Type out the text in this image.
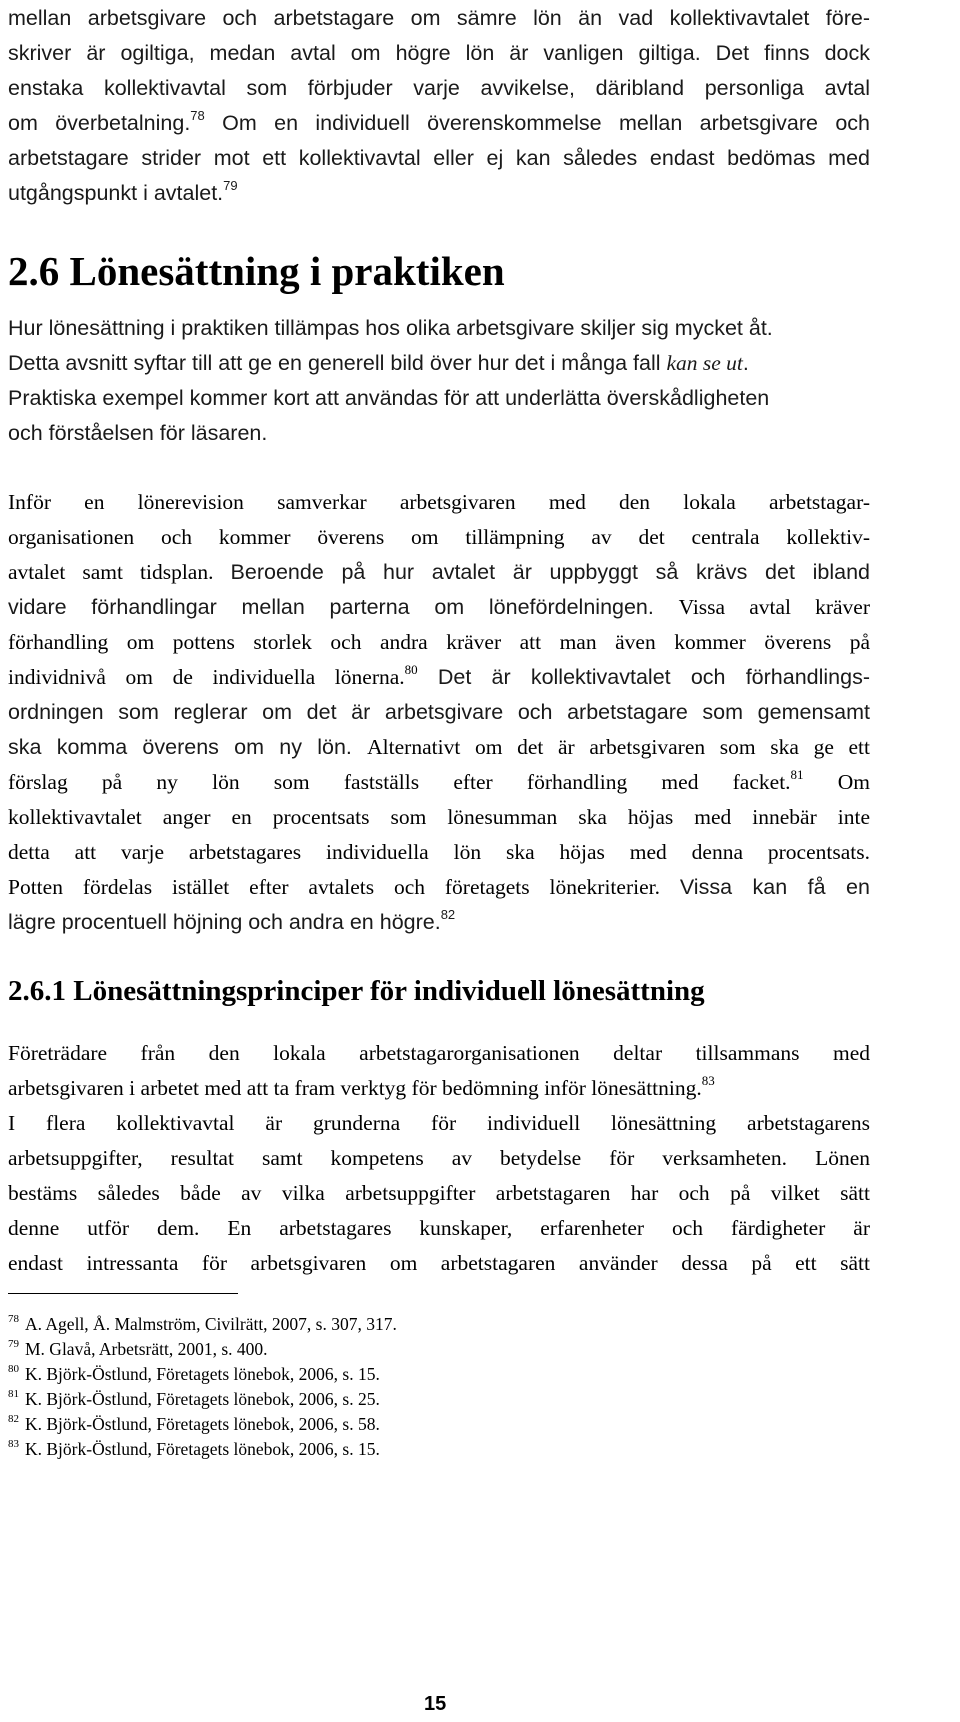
mellan arbetsgivare och arbetstagare om sämre lön än vad kollektivavtalet före-
skriver är ogiltiga, medan avtal om högre lön är vanligen giltiga. Det finns dock
enstaka kollektivavtal som förbjuder varje avvikelse, däribland personliga avtal
om överbetalning.$^{78}$ Om en individuell överenskommelse mellan arbetsgivare och
arbetstagare strider mot ett kollektivavtal eller ej kan således endast bedömas med
utgångspunkt i avtalet.$^{79}$
2.6 Lönesättning i praktiken
Hur lönesättning i praktiken tillämpas hos olika arbetsgivare skiljer sig mycket åt.
Detta avsnitt syftar till att ge en generell bild över hur det i många fall kan se ut.
Praktiska exempel kommer kort att användas för att underlätta överskådligheten
och förståelsen för läsaren.
Inför en lönerevision samverkar arbetsgivaren med den lokala arbetstagar-
organisationen och kommer överens om tillämpning av det centrala kollektiv-
avtalet samt tidsplan. Beroende på hur avtalet är uppbyggt så krävs det ibland
vidare förhandlingar mellan parterna om lönefördelningen. Vissa avtal kräver
förhandling om pottens storlek och andra kräver att man även kommer överens på
individnivå om de individuella lönerna.$^{80}$ Det är kollektivavtalet och förhandlings-
ordningen som reglerar om det är arbetsgivare och arbetstagare som gemensamt
ska komma överens om ny lön. Alternativt om det är arbetsgivaren som ska ge ett
förslag på ny lön som fastställs efter förhandling med facket.$^{81}$ Om
kollektivavtalet anger en procentsats som lönesumman ska höjas med innebär inte
detta att varje arbetstagares individuella lön ska höjas med denna procentsats.
Potten fördelas istället efter avtalets och företagets lönekriterier. Vissa kan få en
lägre procentuell höjning och andra en högre.$^{82}$
2.6.1 Lönesättningsprinciper för individuell lönesättning
Företrädare från den lokala arbetstagarorganisationen deltar tillsammans med
arbetsgivaren i arbetet med att ta fram verktyg för bedömning inför lönesättning.$^{83}$
I flera kollektivavtal är grunderna för individuell lönesättning arbetstagarens
arbetsuppgifter, resultat samt kompetens av betydelse för verksamheten. Lönen
bestäms således både av vilka arbetsuppgifter arbetstagaren har och på vilket sätt
denne utför dem. En arbetstagares kunskaper, erfarenheter och färdigheter är
endast intressanta för arbetsgivaren om arbetstagaren använder dessa på ett sätt
$^{78}$ A. Agell, Å. Malmström, Civilrätt, 2007, s. 307, 317.
$^{79}$ M. Glavå, Arbetsrätt, 2001, s. 400.
$^{80}$ K. Björk-Östlund, Företagets lönebok, 2006, s. 15.
$^{81}$ K. Björk-Östlund, Företagets lönebok, 2006, s. 25.
$^{82}$ K. Björk-Östlund, Företagets lönebok, 2006, s. 58.
$^{83}$ K. Björk-Östlund, Företagets lönebok, 2006, s. 15.
15
